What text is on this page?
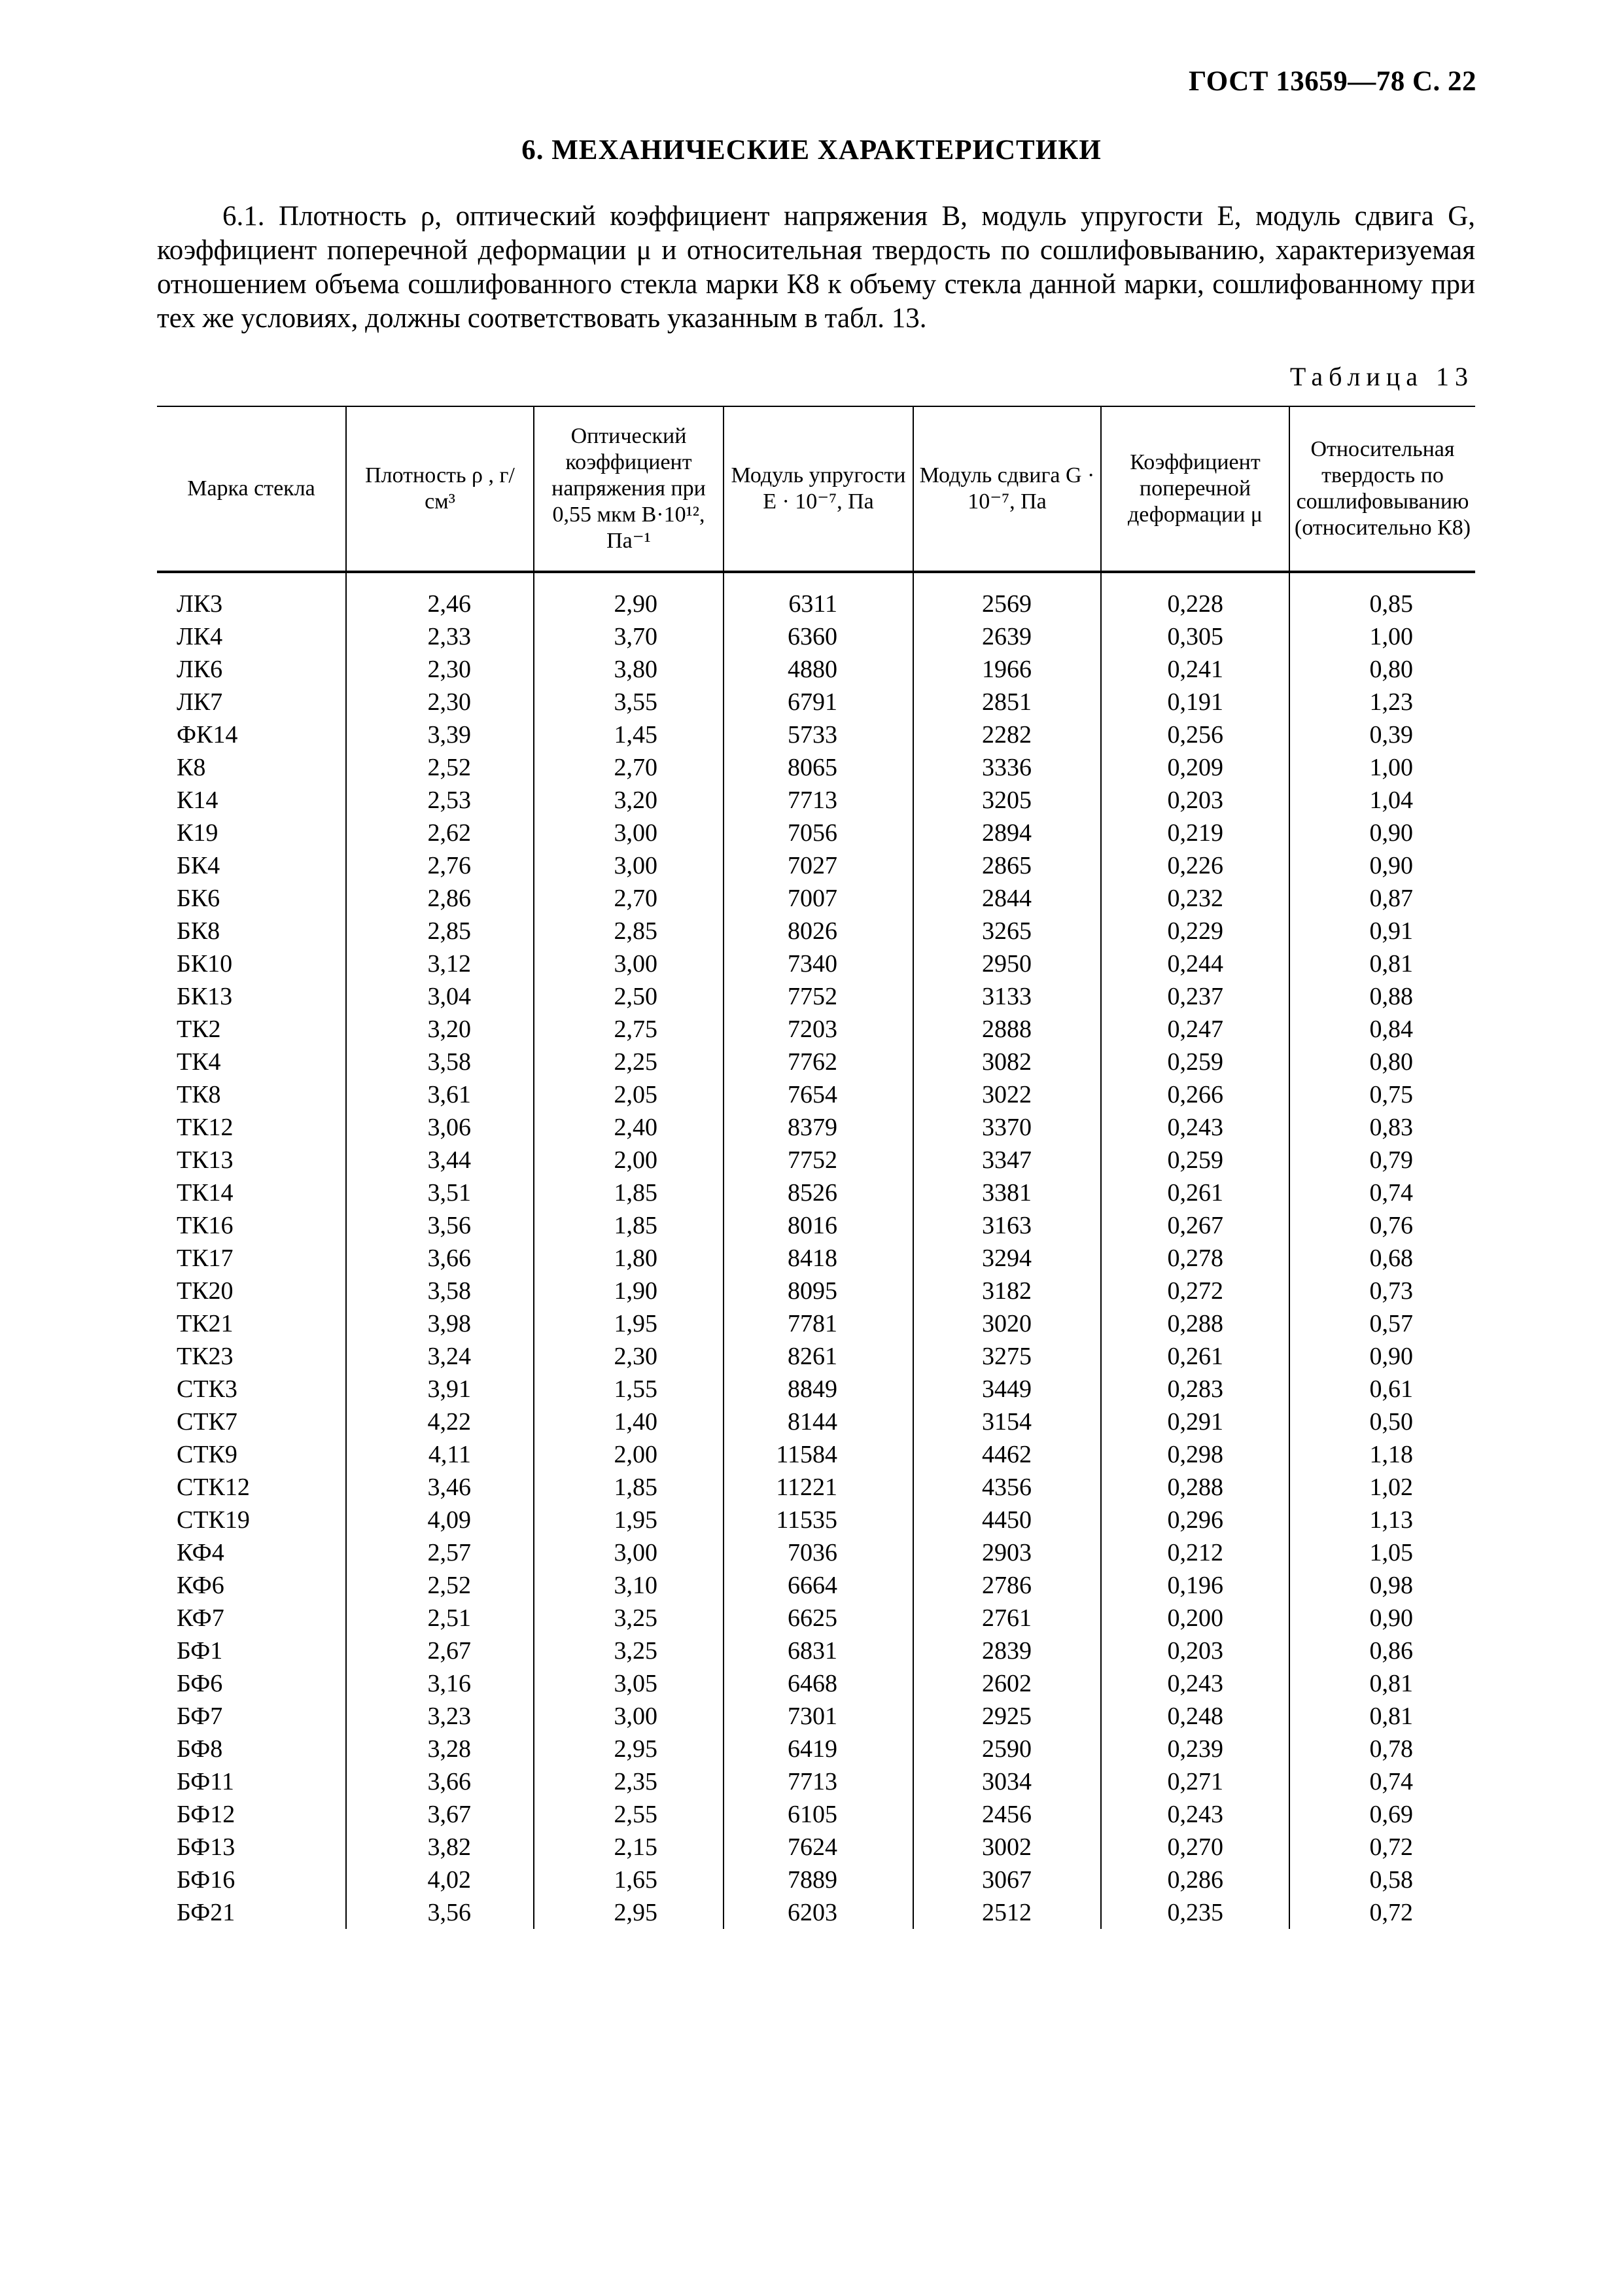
ГОСТ 13659—78 С. 22
6. МЕХАНИЧЕСКИЕ ХАРАКТЕРИСТИКИ
6.1. Плотность ρ, оптический коэффициент напряжения B, модуль упругости E, модуль сдвига G, коэффициент поперечной деформации μ и относительная твердость по сошлифовыванию, характеризуемая отношением объема сошлифованного стекла марки К8 к объему стекла данной марки, сошлифованному при тех же условиях, должны соответствовать указанным в табл. 13.
Таблица 13
Марка стекла	Плотность ρ , г/см³	Оптический коэффициент напряжения при 0,55 мкм B·10¹², Па⁻¹	Модуль упругости E · 10⁻⁷, Па	Модуль сдвига G · 10⁻⁷, Па	Коэффициент поперечной деформации μ	Относительная твердость по сошлифовыванию (относительно К8)

ЛК3	2,46	2,90	6311	2569	0,228	0,85
ЛК4	2,33	3,70	6360	2639	0,305	1,00
ЛК6	2,30	3,80	4880	1966	0,241	0,80
ЛК7	2,30	3,55	6791	2851	0,191	1,23
ФК14	3,39	1,45	5733	2282	0,256	0,39
К8	2,52	2,70	8065	3336	0,209	1,00
К14	2,53	3,20	7713	3205	0,203	1,04
К19	2,62	3,00	7056	2894	0,219	0,90
БК4	2,76	3,00	7027	2865	0,226	0,90
БК6	2,86	2,70	7007	2844	0,232	0,87
БК8	2,85	2,85	8026	3265	0,229	0,91
БК10	3,12	3,00	7340	2950	0,244	0,81
БК13	3,04	2,50	7752	3133	0,237	0,88
ТК2	3,20	2,75	7203	2888	0,247	0,84
ТК4	3,58	2,25	7762	3082	0,259	0,80
ТК8	3,61	2,05	7654	3022	0,266	0,75
ТК12	3,06	2,40	8379	3370	0,243	0,83
ТК13	3,44	2,00	7752	3347	0,259	0,79
ТК14	3,51	1,85	8526	3381	0,261	0,74
ТК16	3,56	1,85	8016	3163	0,267	0,76
ТК17	3,66	1,80	8418	3294	0,278	0,68
ТК20	3,58	1,90	8095	3182	0,272	0,73
ТК21	3,98	1,95	7781	3020	0,288	0,57
ТК23	3,24	2,30	8261	3275	0,261	0,90
СТК3	3,91	1,55	8849	3449	0,283	0,61
СТК7	4,22	1,40	8144	3154	0,291	0,50
СТК9	4,11	2,00	11584	4462	0,298	1,18
СТК12	3,46	1,85	11221	4356	0,288	1,02
СТК19	4,09	1,95	11535	4450	0,296	1,13
КФ4	2,57	3,00	7036	2903	0,212	1,05
КФ6	2,52	3,10	6664	2786	0,196	0,98
КФ7	2,51	3,25	6625	2761	0,200	0,90
БФ1	2,67	3,25	6831	2839	0,203	0,86
БФ6	3,16	3,05	6468	2602	0,243	0,81
БФ7	3,23	3,00	7301	2925	0,248	0,81
БФ8	3,28	2,95	6419	2590	0,239	0,78
БФ11	3,66	2,35	7713	3034	0,271	0,74
БФ12	3,67	2,55	6105	2456	0,243	0,69
БФ13	3,82	2,15	7624	3002	0,270	0,72
БФ16	4,02	1,65	7889	3067	0,286	0,58
БФ21	3,56	2,95	6203	2512	0,235	0,72
